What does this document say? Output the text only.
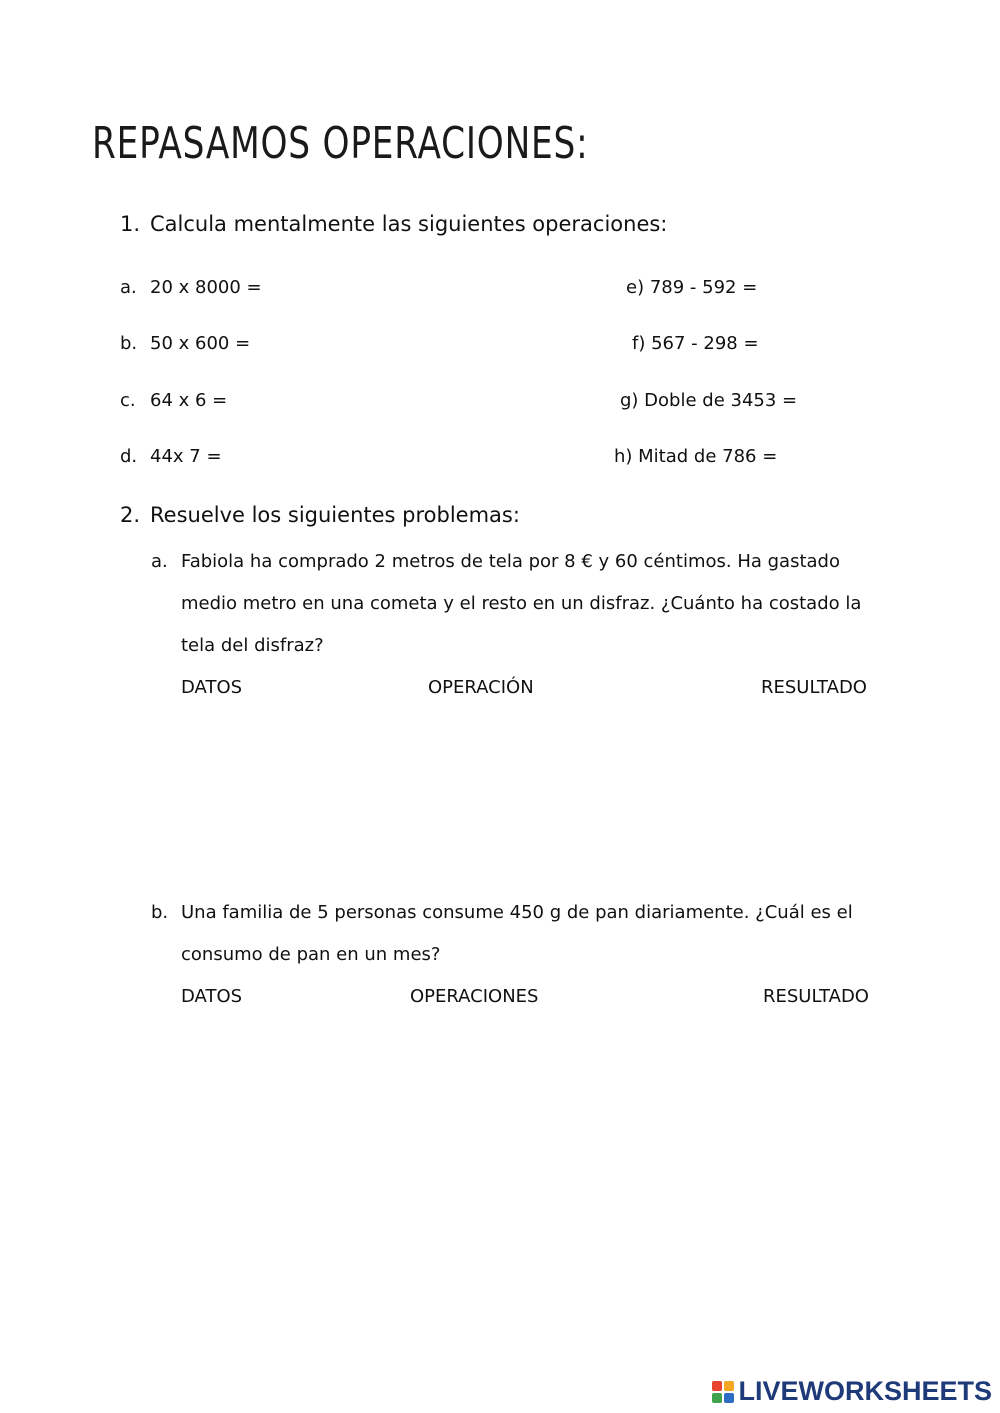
REPASAMOS OPERACIONES:
1. Calcula mentalmente las siguientes operaciones:
a. 20 x 8000 =
b. 50 x 600 =
c. 64 x 6 =
d. 44x 7 =
e) 789 - 592 =
f) 567 - 298 =
g) Doble de 3453 =
h) Mitad de 786 =
2. Resuelve los siguientes problemas:
a. Fabiola ha comprado 2 metros de tela por 8 € y 60 céntimos. Ha gastado
medio metro en una cometa y el resto en un disfraz. ¿Cuánto ha costado la
tela del disfraz?
DATOS	OPERACIÓN	RESULTADO
b. Una familia de 5 personas consume 450 g de pan diariamente. ¿Cuál es el
consumo de pan en un mes?
DATOS	OPERACIONES	RESULTADO
LIVEWORKSHEETS
